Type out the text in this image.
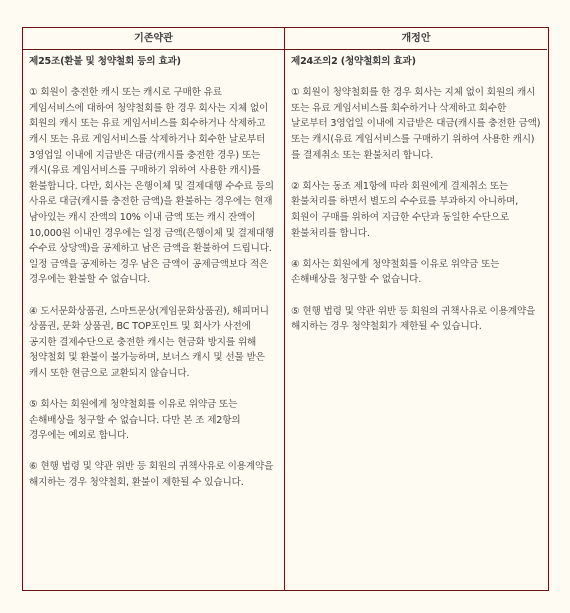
기존약관	개정안
제25조(환불 및 청약철회 등의 효과)

① 회원이 충전한 캐시 또는 캐시로 구매한 유료 게임서비스에 대하여 청약철회를 한 경우 회사는 지체 없이 회원의 캐시 또는 유료 게임서비스를 회수하거나 삭제하고 캐시 또는 유료 게임서비스를 삭제하거나 회수한 날로부터 3영업일 이내에 지급받은 대금(캐시를 충전한 경우) 또는 캐시(유료 게임서비스를 구매하기 위하여 사용한 캐시)를 환불합니다. 다만, 회사는 은행이체 및 결제대행 수수료 등의 사유로 대금(캐시를 충전한 금액)을 환불하는 경우에는 현재 남아있는 캐시 잔액의 10% 이내 금액 또는 캐시 잔액이 10,000원 이내인 경우에는 일정 금액(은행이체 및 결제대행 수수료 상당액)을 공제하고 남은 금액을 환불하여 드립니다. 일정 금액을 공제하는 경우 남은 금액이 공제금액보다 적은 경우에는 환불할 수 없습니다.

④ 도서문화상품권, 스마트문상(게임문화상품권), 해피머니 상품권, 문화 상품권, BC TOP포인트 및 회사가 사전에 공지한 결제수단으로 충전한 캐시는 현금화 방지를 위해 청약철회 및 환불이 불가능하며, 보너스 캐시 및 선물 받은 캐시 또한 현금으로 교환되지 않습니다.

⑤ 회사는 회원에게 청약철회를 이유로 위약금 또는 손해배상을 청구할 수 없습니다. 다만 본 조 제2항의 경우에는 예외로 합니다.

⑥ 현행 법령 및 약관 위반 등 회원의 귀책사유로 이용계약을 해지하는 경우 청약철회, 환불이 제한될 수 있습니다.

제24조의2 (청약철회의 효과)

① 회원이 청약철회를 한 경우 회사는 지체 없이 회원의 캐시 또는 유료 게임서비스를 회수하거나 삭제하고 회수한 날로부터 3영업일 이내에 지급받은 대금(캐시를 충전한 금액) 또는 캐시(유료 게임서비스를 구매하기 위하여 사용한 캐시)를 결제취소 또는 환불처리 합니다.

② 회사는 동조 제1항에 따라 회원에게 결제취소 또는 환불처리를 하면서 별도의 수수료를 부과하지 아니하며, 회원이 구매를 위하여 지급한 수단과 동일한 수단으로 환불처리를 합니다.

④ 회사는 회원에게 청약철회를 이유로 위약금 또는 손해배상을 청구할 수 없습니다.

⑤ 현행 법령 및 약관 위반 등 회원의 귀책사유로 이용계약을 해지하는 경우 청약철회가 제한될 수 있습니다.
